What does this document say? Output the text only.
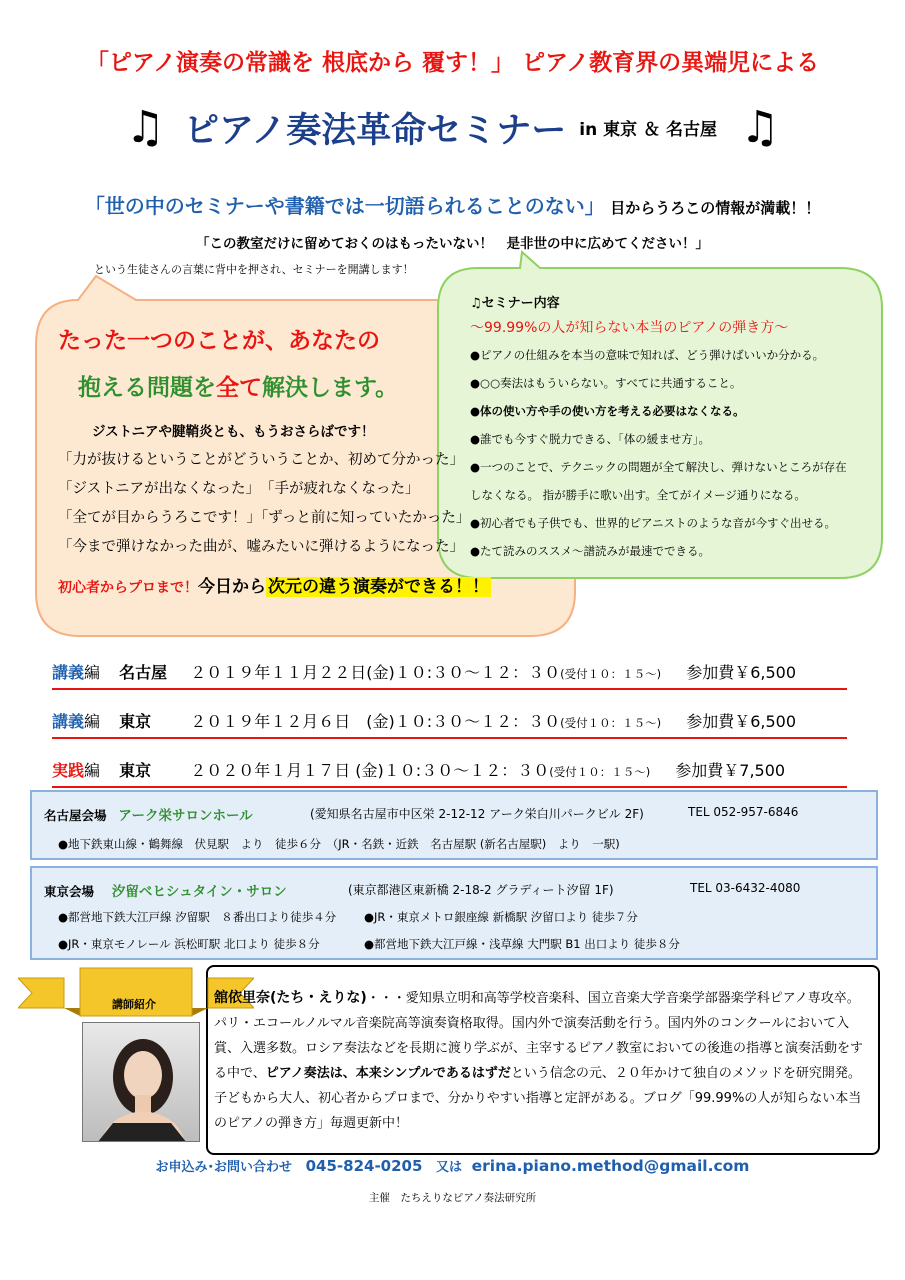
「ピアノ演奏の常識を 根底から 覆す！」 ピアノ教育界の異端児による
♫ ピアノ奏法革命セミナー in 東京 ＆ 名古屋 ♫
「世の中のセミナーや書籍では一切語られることのない」 目からうろこの情報が満載！！
「この教室だけに留めておくのはもったいない！　是非世の中に広めてください！」
という生徒さんの言葉に背中を押され、セミナーを開講します！
たった一つのことが、あなたの
抱える問題を全て解決します。
ジストニアや腱鞘炎とも、もうおさらばです！
「力が抜けるということがどういうことか、初めて分かった」
「ジストニアが出なくなった」　「手が疲れなくなった」
「全てが目からうろこです！」「ずっと前に知っていたかった」
「今まで弾けなかった曲が、嘘みたいに弾けるようになった」
初心者からプロまで！今日から 次元の違う演奏ができる！！
♫セミナー内容
～99.99%の人が知らない本当のピアノの弾き方～
●ピアノの仕組みを本当の意味で知れば、どう弾けばいいか分かる。
●○○奏法はもういらない。すべてに共通すること。
●体の使い方や手の使い方を考える必要はなくなる。
●誰でも今すぐ脱力できる、「体の緩ませ方」。
●一つのことで、テクニックの問題が全て解決し、弾けないところが存在
しなくなる。 指が勝手に歌い出す。全てがイメージ通りになる。
●初心者でも子供でも、世界的ピアニストのような音が今すぐ出せる。
●たて読みのススメ～譜読みが最速でできる。
講義編 名古屋 ２０１９年１１月２２日(金)１０:３０～１２：３０(受付１０：１５～) 参加費￥6,500
講義編 東京 ２０１９年１２月６日　(金)１０:３０～１２：３０(受付１０：１５～) 参加費￥6,500
実践編 東京 ２０２０年１月１７日 (金)１０:３０～１２：３０(受付１０：１５～) 参加費￥7,500
名古屋会場 アーク栄サロンホール	(愛知県名古屋市中区栄 2-12-12 アーク栄白川パークビル 2F)	TEL 052-957-6846
●地下鉄東山線・鶴舞線　伏見駅　より　徒歩６分　（JR・名鉄・近鉄　名古屋駅 (新名古屋駅)　より　一駅)
東京会場 汐留ベヒシュタイン・サロン	(東京都港区東新橋 2-18-2 グラディート汐留 1F)	TEL 03-6432-4080
●都営地下鉄大江戸線 汐留駅　８番出口より徒歩４分 ●JR・東京メトロ銀座線 新橋駅 汐留口より 徒歩７分
●JR・東京モノレール 浜松町駅 北口より 徒歩８分	●都営地下鉄大江戸線・浅草線 大門駅 B1 出口より 徒歩８分
講師紹介	舘依里奈(たち・えりな)・・・愛知県立明和高等学校音楽科、国立音楽大学音楽学部器楽学科ピアノ専攻卒。パリ・エコールノルマル音楽院高等演奏資格取得。国内外で演奏活動を行う。国内外のコンクールにおいて入賞、入選多数。ロシア奏法などを長期に渡り学ぶが、主宰するピアノ教室においての後進の指導と演奏活動をする中で、ピアノ奏法は、本来シンプルであるはずだという信念の元、２０年かけて独自のメソッドを研究開発。子どもから大人、初心者からプロまで、分かりやすい指導と定評がある。ブログ「99.99%の人が知らない本当のピアノの弾き方」毎週更新中！
お申込み･お問い合わせ 045-824-0205 又は erina.piano.method@gmail.com
主催　たちえりなピアノ奏法研究所
